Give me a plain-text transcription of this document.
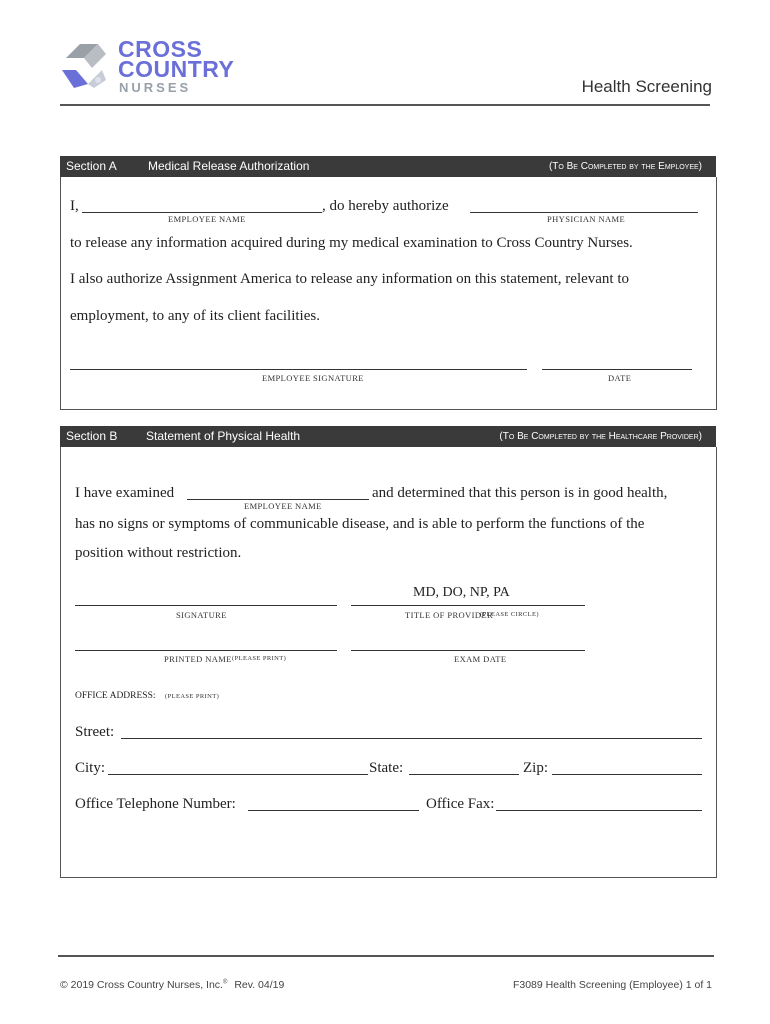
CROSS
COUNTRY
NURSES	Health Screening
Section A	Medical Release Authorization	(To Be Completed by the Employee)
I,	, do hereby authorize
EMPLOYEE NAME	PHYSICIAN NAME
to release any information acquired during my medical examination to Cross Country Nurses.
I also authorize Assignment America to release any information on this statement, relevant to
employment, to any of its client facilities.
EMPLOYEE SIGNATURE	DATE
Section B Statement of Physical Health	(To Be Completed by the Healthcare Provider)
I have examined	and determined that this person is in good health,
EMPLOYEE NAME
has no signs or symptoms of communicable disease, and is able to perform the functions of the
position without restriction.
MD, DO, NP, PA
SIGNATURE	TITLE OF PROVIDER
(PLEASE CIRCLE)
PRINTED NAME (PLEASE PRINT)	EXAM DATE
OFFICE ADDRESS: (PLEASE PRINT)
Street:
City:	State:	Zip:
Office Telephone Number:	Office Fax:
© 2019 Cross Country Nurses, Inc.® Rev. 04/19	F3089 Health Screening (Employee) 1 of 1
